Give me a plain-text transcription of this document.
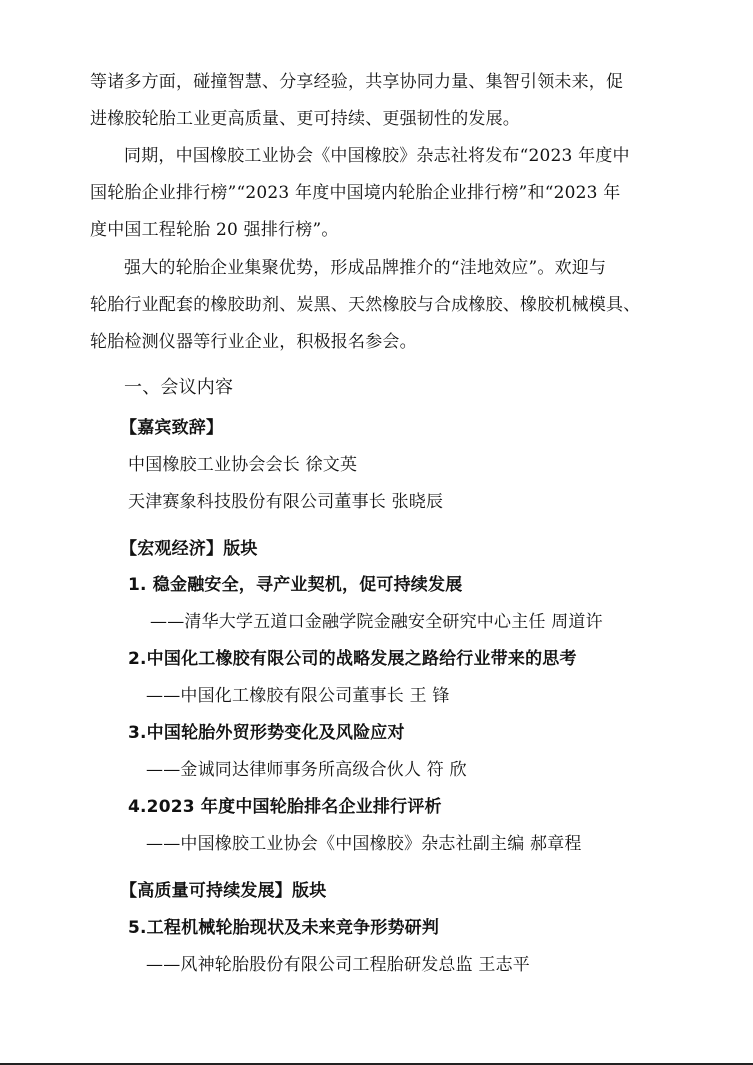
等诸多方面，碰撞智慧、分享经验，共享协同力量、集智引领未来，促
进橡胶轮胎工业更高质量、更可持续、更强韧性的发展。
同期，中国橡胶工业协会《中国橡胶》杂志社将发布“2023 年度中
国轮胎企业排行榜”“2023 年度中国境内轮胎企业排行榜”和“2023 年
度中国工程轮胎 20 强排行榜”。
强大的轮胎企业集聚优势，形成品牌推介的“洼地效应”。欢迎与
轮胎行业配套的橡胶助剂、炭黑、天然橡胶与合成橡胶、橡胶机械模具、
轮胎检测仪器等行业企业，积极报名参会。
一、会议内容
【嘉宾致辞】
中国橡胶工业协会会长 徐文英
天津赛象科技股份有限公司董事长 张晓辰
【宏观经济】版块
1. 稳金融安全，寻产业契机，促可持续发展
——清华大学五道口金融学院金融安全研究中心主任 周道许
2.中国化工橡胶有限公司的战略发展之路给行业带来的思考
——中国化工橡胶有限公司董事长 王 锋
3.中国轮胎外贸形势变化及风险应对
——金诚同达律师事务所高级合伙人 符 欣
4.2023 年度中国轮胎排名企业排行评析
——中国橡胶工业协会《中国橡胶》杂志社副主编 郝章程
【高质量可持续发展】版块
5.工程机械轮胎现状及未来竞争形势研判
——风神轮胎股份有限公司工程胎研发总监 王志平
